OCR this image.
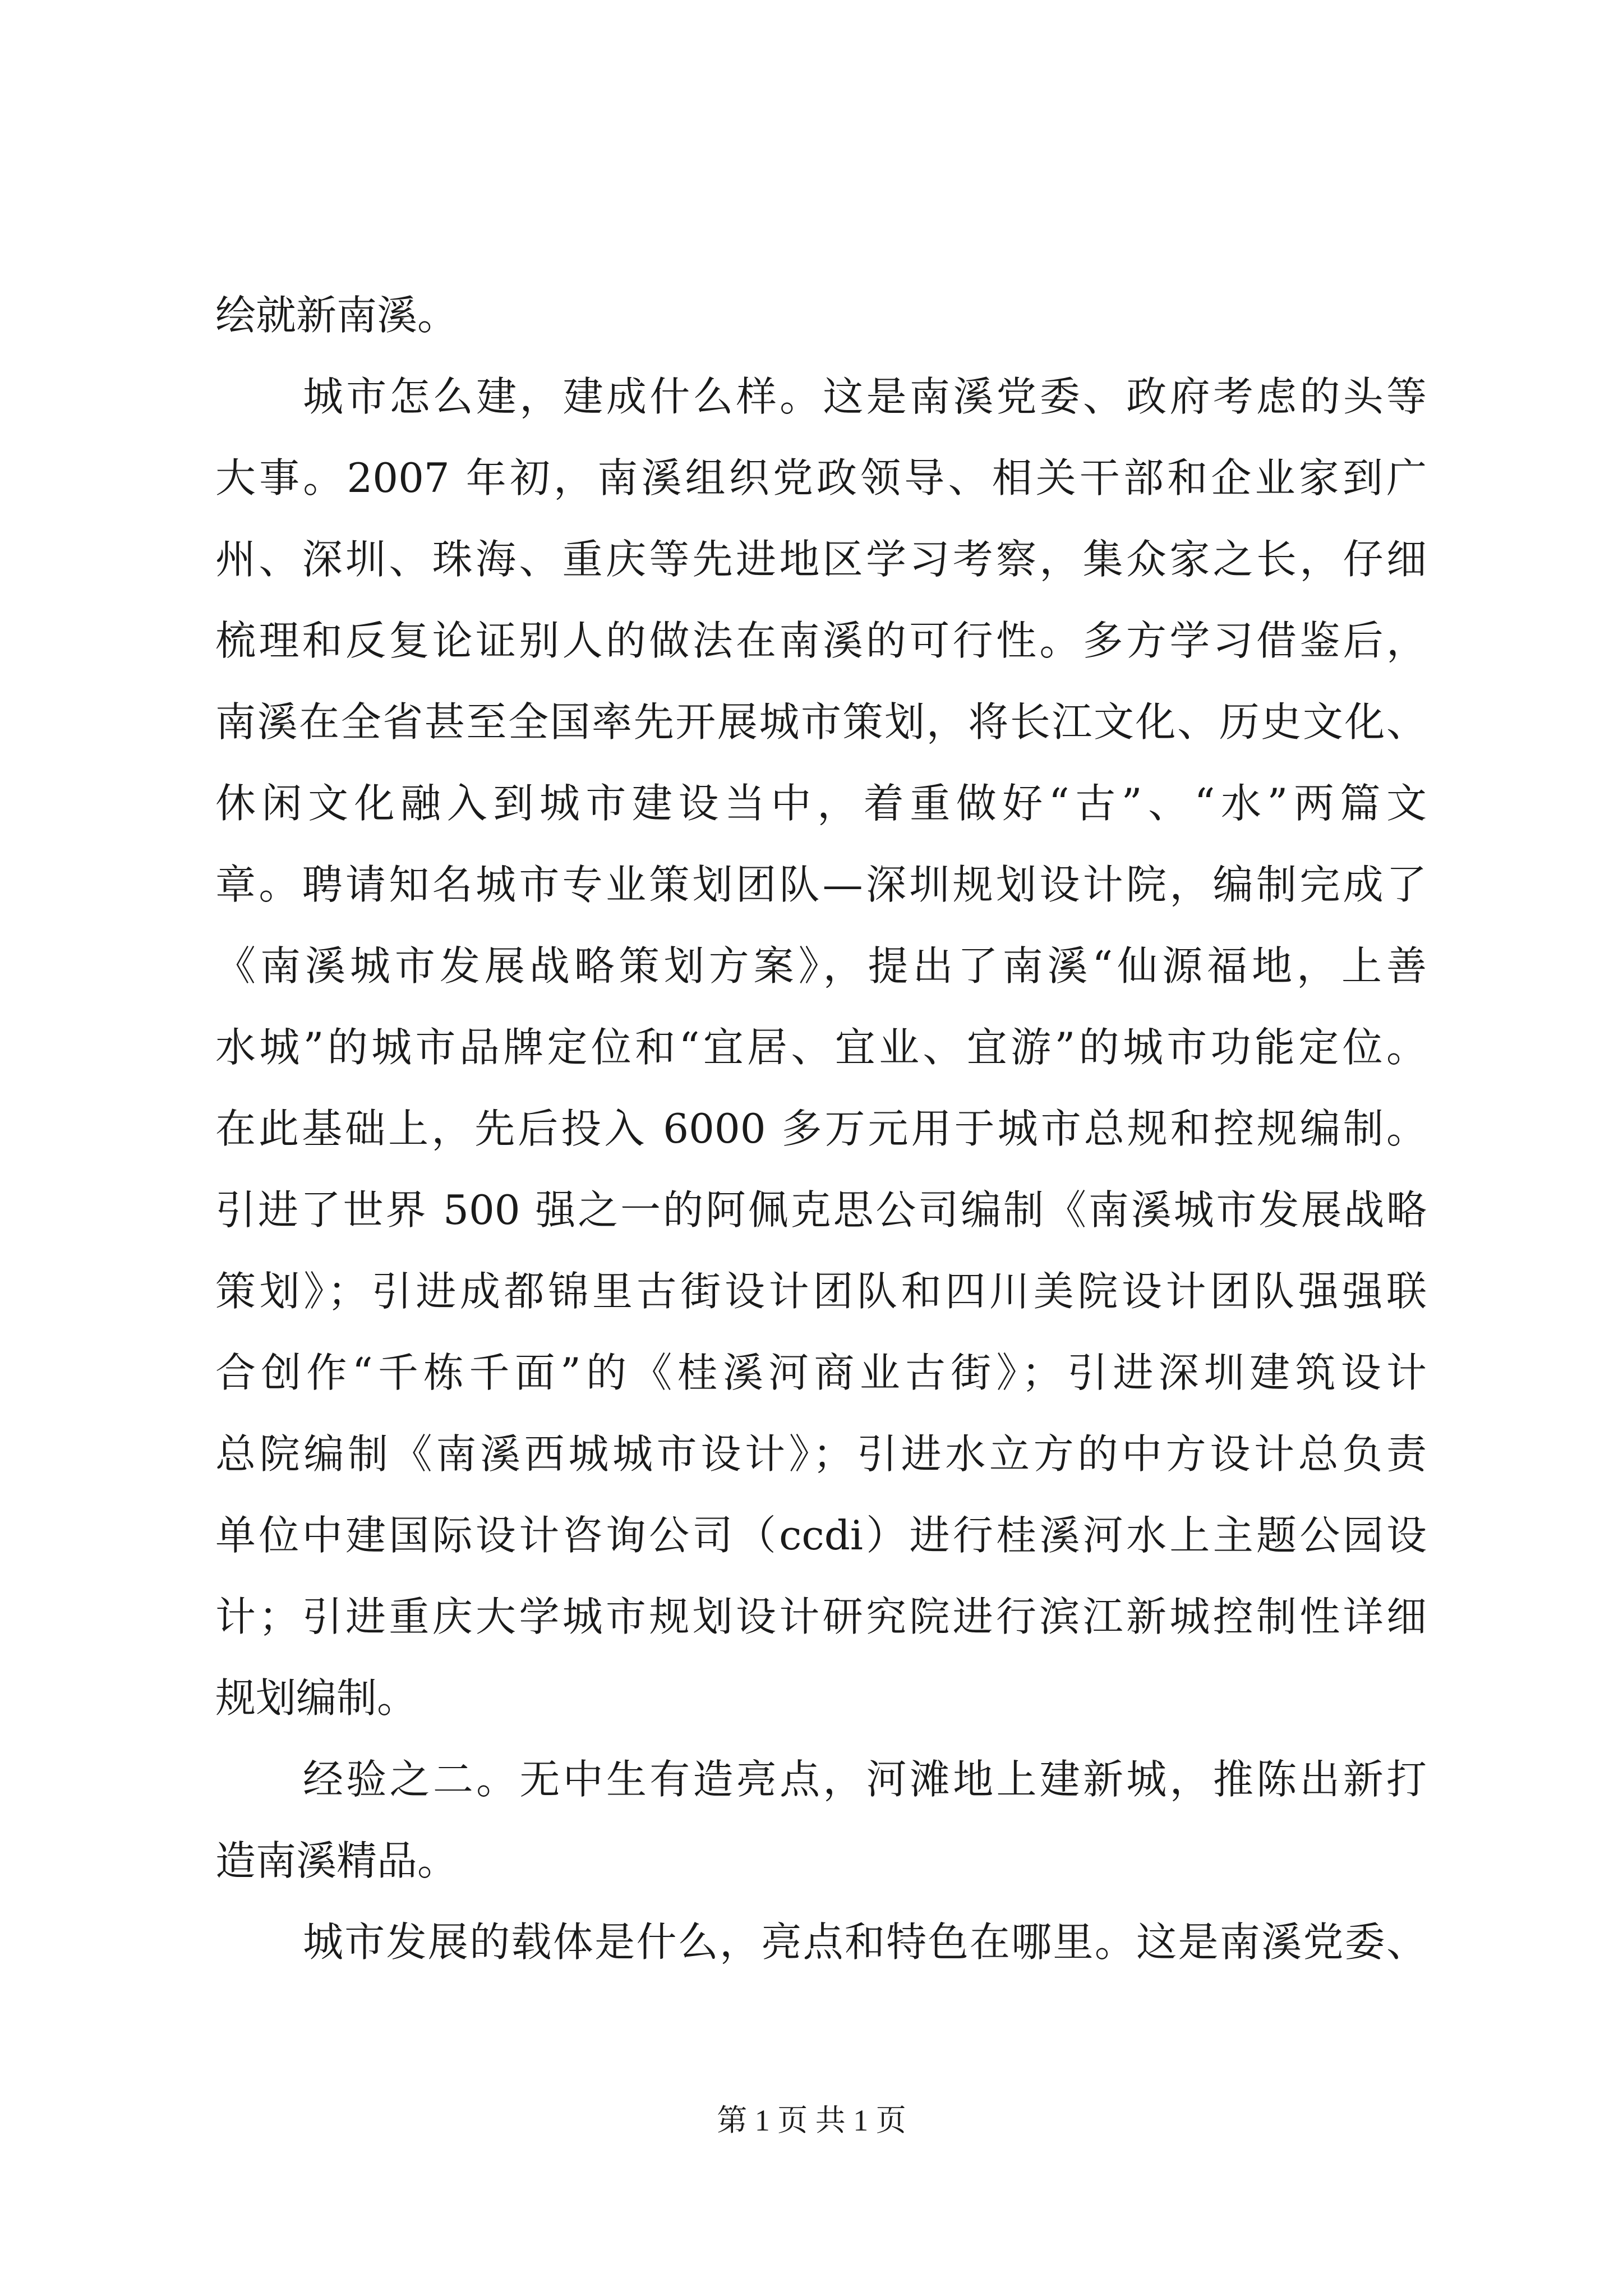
绘就新南溪。
城市怎么建，建成什么样。这是南溪党委、政府考虑的头等
大事。2007 年初，南溪组织党政领导、相关干部和企业家到广
州、深圳、珠海、重庆等先进地区学习考察，集众家之长，仔细
梳理和反复论证别人的做法在南溪的可行性。多方学习借鉴后，
南溪在全省甚至全国率先开展城市策划，将长江文化、历史文化、
休闲文化融入到城市建设当中，着重做好“古”、“水”两篇文
章。聘请知名城市专业策划团队—深圳规划设计院，编制完成了
《南溪城市发展战略策划方案》，提出了南溪“仙源福地，上善
水城”的城市品牌定位和“宜居、宜业、宜游”的城市功能定位。
在此基础上，先后投入 6000 多万元用于城市总规和控规编制。
引进了世界 500 强之一的阿佩克思公司编制《南溪城市发展战略
策划》；引进成都锦里古街设计团队和四川美院设计团队强强联
合创作“千栋千面”的《桂溪河商业古街》；引进深圳建筑设计
总院编制《南溪西城城市设计》；引进水立方的中方设计总负责
单位中建国际设计咨询公司（ccdi）进行桂溪河水上主题公园设
计；引进重庆大学城市规划设计研究院进行滨江新城控制性详细
规划编制。
经验之二。无中生有造亮点，河滩地上建新城，推陈出新打
造南溪精品。
城市发展的载体是什么，亮点和特色在哪里。这是南溪党委、
第 1 页 共 1 页
